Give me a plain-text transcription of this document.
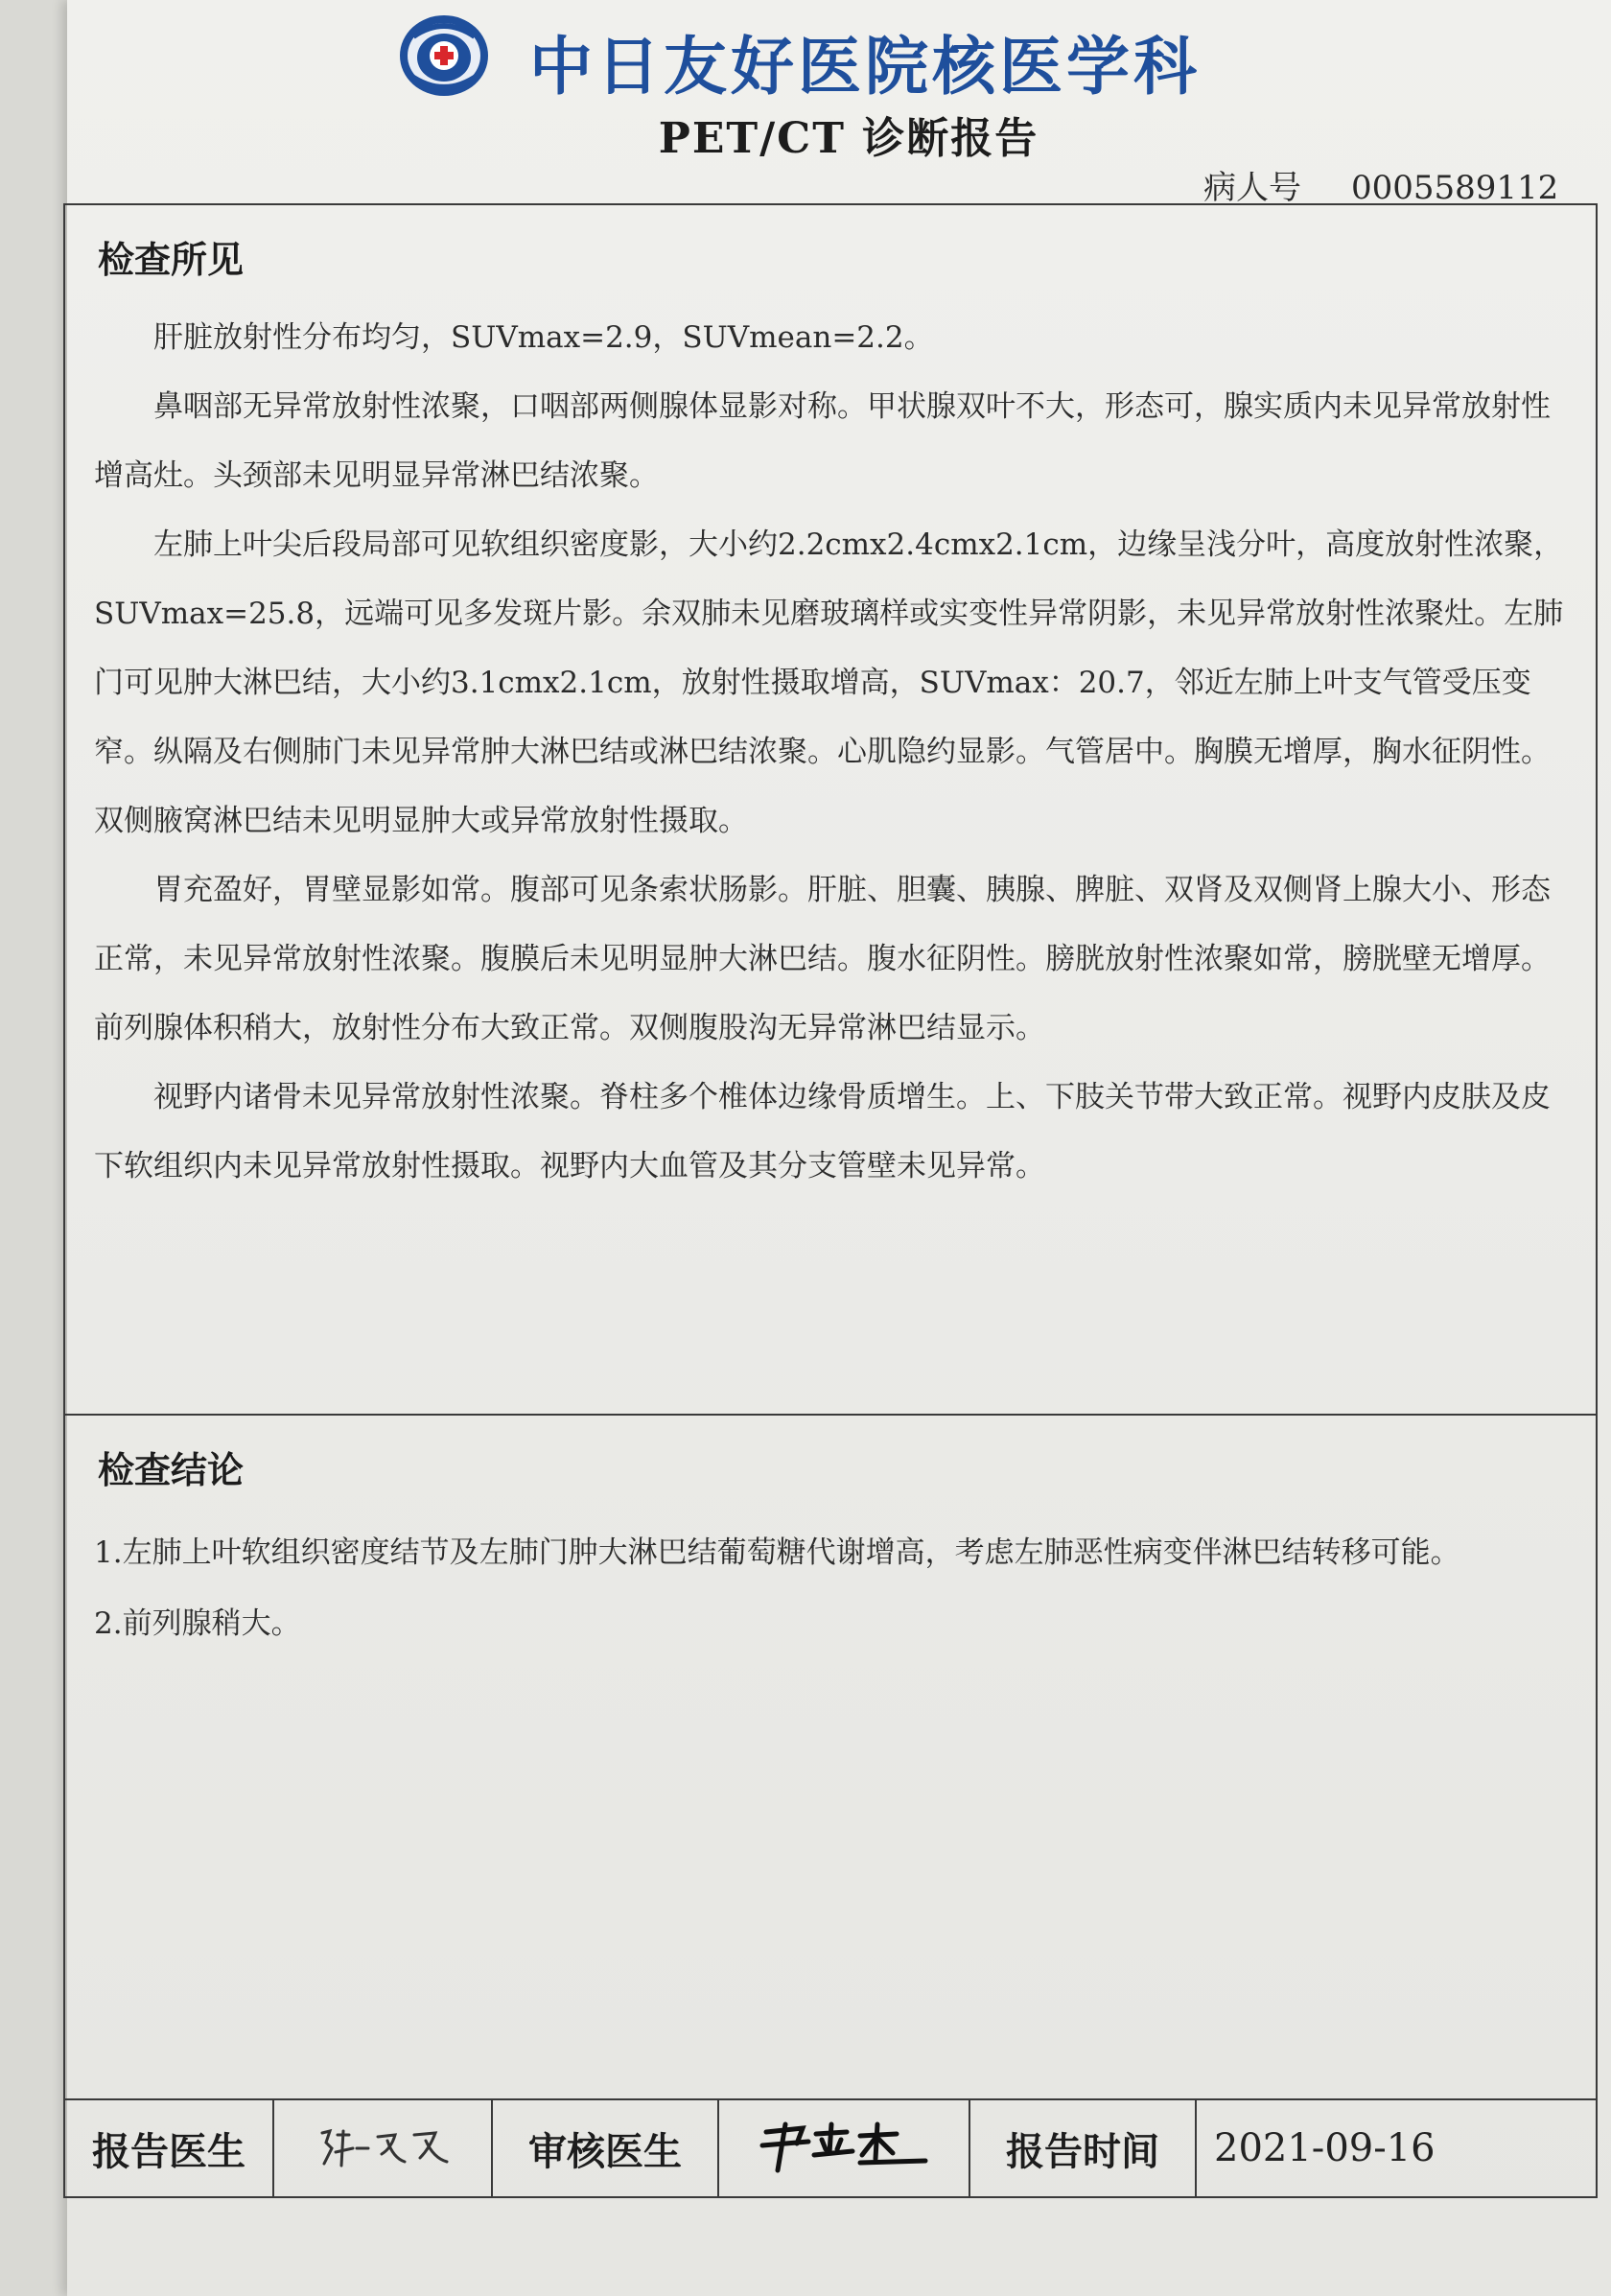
中日友好医院核医学科
PET/CT 诊断报告
病人号 0005589112
检查所见

肝脏放射性分布均匀，SUVmax=2.9，SUVmean=2.2。

鼻咽部无异常放射性浓聚，口咽部两侧腺体显影对称。甲状腺双叶不大，形态可，腺实质内未见异常放射性增高灶。头颈部未见明显异常淋巴结浓聚。

左肺上叶尖后段局部可见软组织密度影，大小约2.2cmx2.4cmx2.1cm，边缘呈浅分叶，高度放射性浓聚，SUVmax=25.8，远端可见多发斑片影。余双肺未见磨玻璃样或实变性异常阴影，未见异常放射性浓聚灶。左肺门可见肿大淋巴结，大小约3.1cmx2.1cm，放射性摄取增高，SUVmax：20.7，邻近左肺上叶支气管受压变窄。纵隔及右侧肺门未见异常肿大淋巴结或淋巴结浓聚。心肌隐约显影。气管居中。胸膜无增厚，胸水征阴性。双侧腋窝淋巴结未见明显肿大或异常放射性摄取。

胃充盈好，胃壁显影如常。腹部可见条索状肠影。肝脏、胆囊、胰腺、脾脏、双肾及双侧肾上腺大小、形态正常，未见异常放射性浓聚。腹膜后未见明显肿大淋巴结。腹水征阴性。膀胱放射性浓聚如常，膀胱壁无增厚。前列腺体积稍大，放射性分布大致正常。双侧腹股沟无异常淋巴结显示。

视野内诸骨未见异常放射性浓聚。脊柱多个椎体边缘骨质增生。上、下肢关节带大致正常。视野内皮肤及皮下软组织内未见异常放射性摄取。视野内大血管及其分支管壁未见异常。

检查结论

1.左肺上叶软组织密度结节及左肺门肿大淋巴结葡萄糖代谢增高，考虑左肺恶性病变伴淋巴结转移可能。

2.前列腺稍大。

报告医生	审核医生	报告时间	2021-09-16
